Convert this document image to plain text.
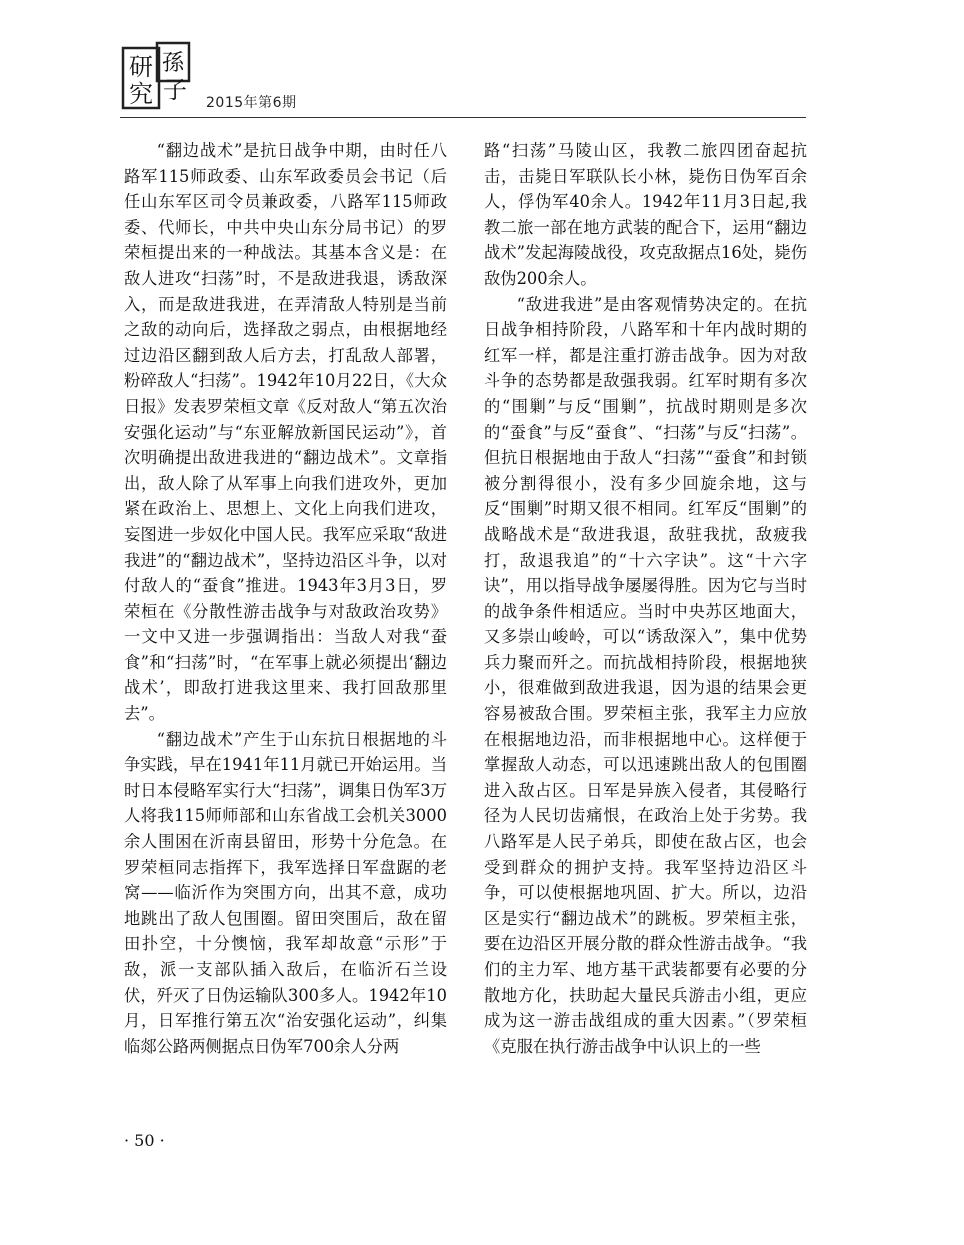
研
究
孫
子 2015年第6期

“翻边战术”是抗日战争中期，由时任八路军115师政委、山东军政委员会书记（后任山东军区司令员兼政委，八路军115师政委、代师长，中共中央山东分局书记）的罗荣桓提出来的一种战法。其基本含义是：在敌人进攻“扫荡”时，不是敌进我退，诱敌深入，而是敌进我进，在弄清敌人特别是当前之敌的动向后，选择敌之弱点，由根据地经过边沿区翻到敌人后方去，打乱敌人部署，粉碎敌人“扫荡”。1942年10月22日，《大众日报》发表罗荣桓文章《反对敌人“第五次治安强化运动”与“东亚解放新国民运动”》，首次明确提出敌进我进的“翻边战术”。文章指出，敌人除了从军事上向我们进攻外，更加紧在政治上、思想上、文化上向我们进攻，妄图进一步奴化中国人民。我军应采取“敌进我进”的“翻边战术”，坚持边沿区斗争，以对付敌人的“蚕食”推进。1943年3月3日，罗荣桓在《分散性游击战争与对敌政治攻势》一文中又进一步强调指出：当敌人对我“蚕食”和“扫荡”时，“在军事上就必须提出‘翻边战术’，即敌打进我这里来、我打回敌那里去”。

“翻边战术”产生于山东抗日根据地的斗争实践，早在1941年11月就已开始运用。当时日本侵略军实行大“扫荡”，调集日伪军3万人将我115师师部和山东省战工会机关3000余人围困在沂南县留田，形势十分危急。在罗荣桓同志指挥下，我军选择日军盘踞的老窝——临沂作为突围方向，出其不意，成功地跳出了敌人包围圈。留田突围后，敌在留田扑空，十分懊恼，我军却故意“示形”于敌，派一支部队插入敌后，在临沂石兰设伏，歼灭了日伪运输队300多人。1942年10月，日军推行第五次“治安强化运动”，纠集临郯公路两侧据点日伪军700余人分两

路“扫荡”马陵山区，我教二旅四团奋起抗击，击毙日军联队长小林，毙伤日伪军百余人，俘伪军40余人。1942年11月3日起,我教二旅一部在地方武装的配合下，运用“翻边战术”发起海陵战役，攻克敌据点16处，毙伤敌伪200余人。

“敌进我进”是由客观情势决定的。在抗日战争相持阶段，八路军和十年内战时期的红军一样，都是注重打游击战争。因为对敌斗争的态势都是敌强我弱。红军时期有多次的“围剿”与反“围剿”，抗战时期则是多次的“蚕食”与反“蚕食”、“扫荡”与反“扫荡”。但抗日根据地由于敌人“扫荡”“蚕食”和封锁被分割得很小，没有多少回旋余地，这与反“围剿”时期又很不相同。红军反“围剿”的战略战术是“敌进我退，敌驻我扰，敌疲我打，敌退我追”的“十六字诀”。这“十六字诀”，用以指导战争屡屡得胜。因为它与当时的战争条件相适应。当时中央苏区地面大，又多崇山峻岭，可以“诱敌深入”，集中优势兵力聚而歼之。而抗战相持阶段，根据地狭小，很难做到敌进我退，因为退的结果会更容易被敌合围。罗荣桓主张，我军主力应放在根据地边沿，而非根据地中心。这样便于掌握敌人动态，可以迅速跳出敌人的包围圈进入敌占区。日军是异族入侵者，其侵略行径为人民切齿痛恨，在政治上处于劣势。我八路军是人民子弟兵，即使在敌占区，也会受到群众的拥护支持。我军坚持边沿区斗争，可以使根据地巩固、扩大。所以，边沿区是实行“翻边战术”的跳板。罗荣桓主张，要在边沿区开展分散的群众性游击战争。“我们的主力军、地方基干武装都要有必要的分散地方化，扶助起大量民兵游击小组，更应成为这一游击战组成的重大因素。”（罗荣桓《克服在执行游击战争中认识上的一些

· 50 ·
